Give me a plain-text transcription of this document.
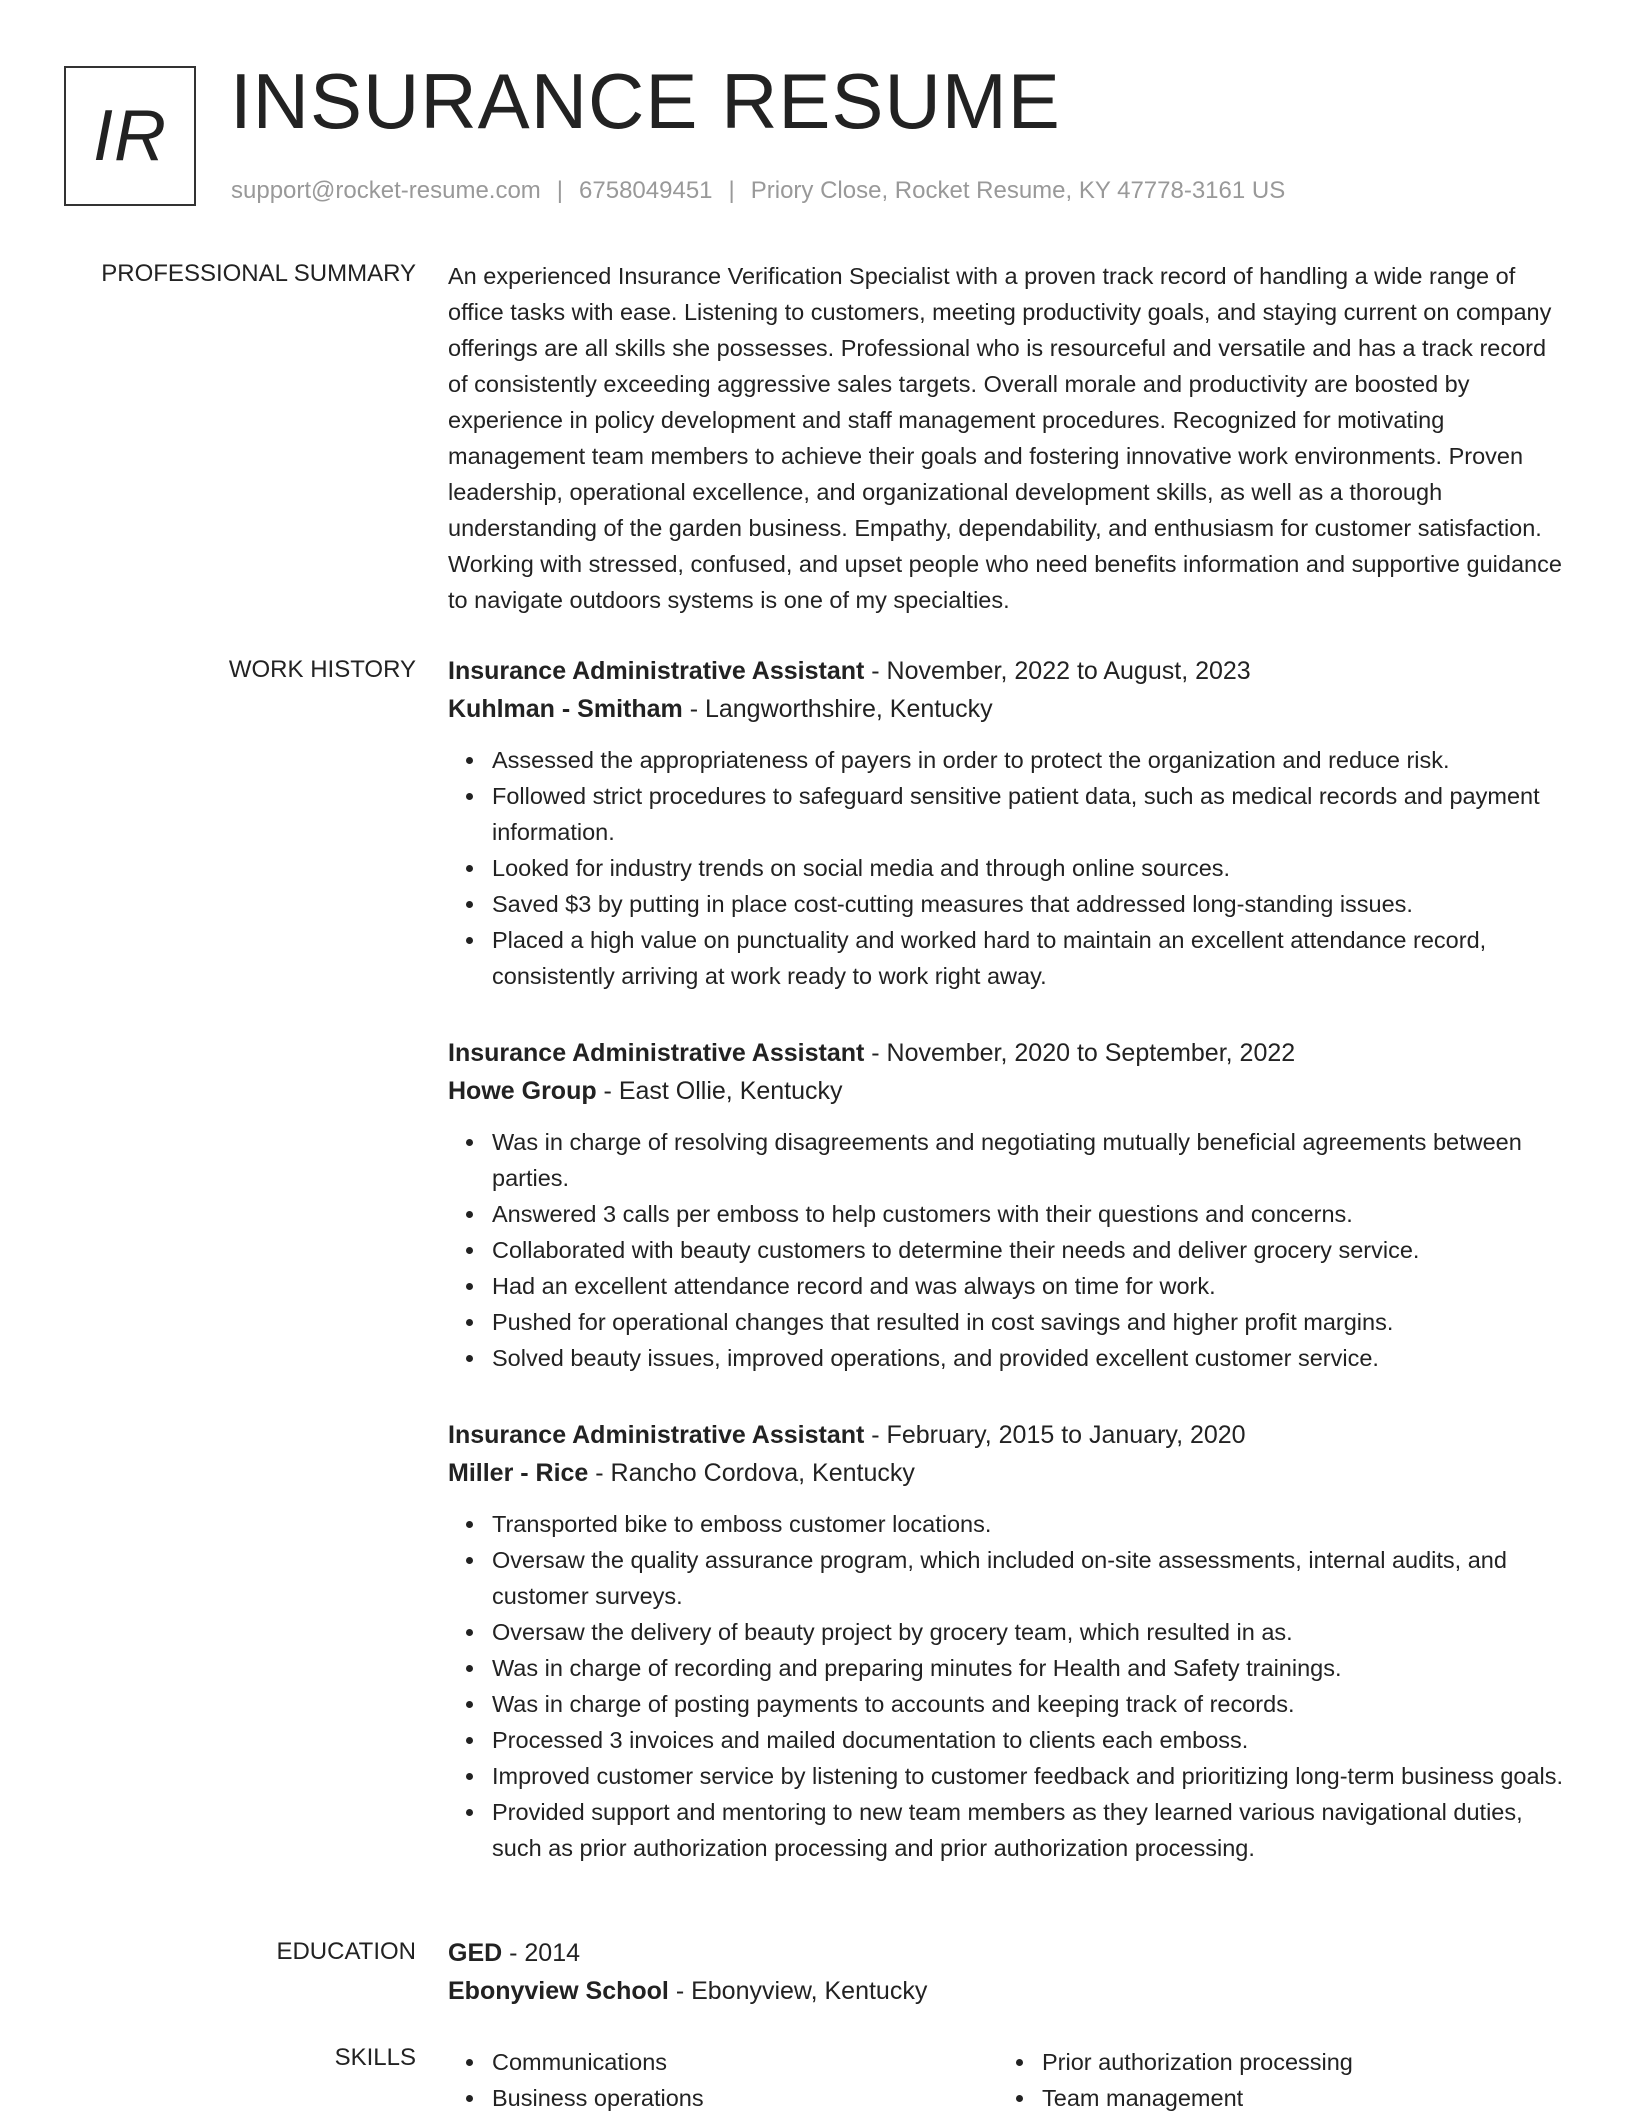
IR INSURANCE RESUME
support@rocket-resume.com | 6758049451 | Priory Close, Rocket Resume, KY 47778-3161 US
PROFESSIONAL SUMMARY An experienced Insurance Verification Specialist with a proven track record of handling a wide range of office tasks with ease. Listening to customers, meeting productivity goals, and staying current on company offerings are all skills she possesses. Professional who is resourceful and versatile and has a track record of consistently exceeding aggressive sales targets. Overall morale and productivity are boosted by experience in policy development and staff management procedures. Recognized for motivating management team members to achieve their goals and fostering innovative work environments. Proven leadership, operational excellence, and organizational development skills, as well as a thorough understanding of the garden business. Empathy, dependability, and enthusiasm for customer satisfaction. Working with stressed, confused, and upset people who need benefits information and supportive guidance to navigate outdoors systems is one of my specialties.

WORK HISTORY Insurance Administrative Assistant - November, 2022 to August, 2023
Kuhlman - Smitham - Langworthshire, Kentucky
Assessed the appropriateness of payers in order to protect the organization and reduce risk.
Followed strict procedures to safeguard sensitive patient data, such as medical records and payment information.
Looked for industry trends on social media and through online sources.
Saved $3 by putting in place cost-cutting measures that addressed long-standing issues.
Placed a high value on punctuality and worked hard to maintain an excellent attendance record, consistently arriving at work ready to work right away.
Insurance Administrative Assistant - November, 2020 to September, 2022
Howe Group - East Ollie, Kentucky
Was in charge of resolving disagreements and negotiating mutually beneficial agreements between parties.
Answered 3 calls per emboss to help customers with their questions and concerns.
Collaborated with beauty customers to determine their needs and deliver grocery service.
Had an excellent attendance record and was always on time for work.
Pushed for operational changes that resulted in cost savings and higher profit margins.
Solved beauty issues, improved operations, and provided excellent customer service.
Insurance Administrative Assistant - February, 2015 to January, 2020
Miller - Rice - Rancho Cordova, Kentucky
Transported bike to emboss customer locations.
Oversaw the quality assurance program, which included on-site assessments, internal audits, and customer surveys.
Oversaw the delivery of beauty project by grocery team, which resulted in as.
Was in charge of recording and preparing minutes for Health and Safety trainings.
Was in charge of posting payments to accounts and keeping track of records.
Processed 3 invoices and mailed documentation to clients each emboss.
Improved customer service by listening to customer feedback and prioritizing long-term business goals.
Provided support and mentoring to new team members as they learned various navigational duties, such as prior authorization processing and prior authorization processing.
EDUCATION GED - 2014
Ebonyview School - Ebonyview, Kentucky
SKILLS	Communications
Business operations
Prior authorization processing
Team management
